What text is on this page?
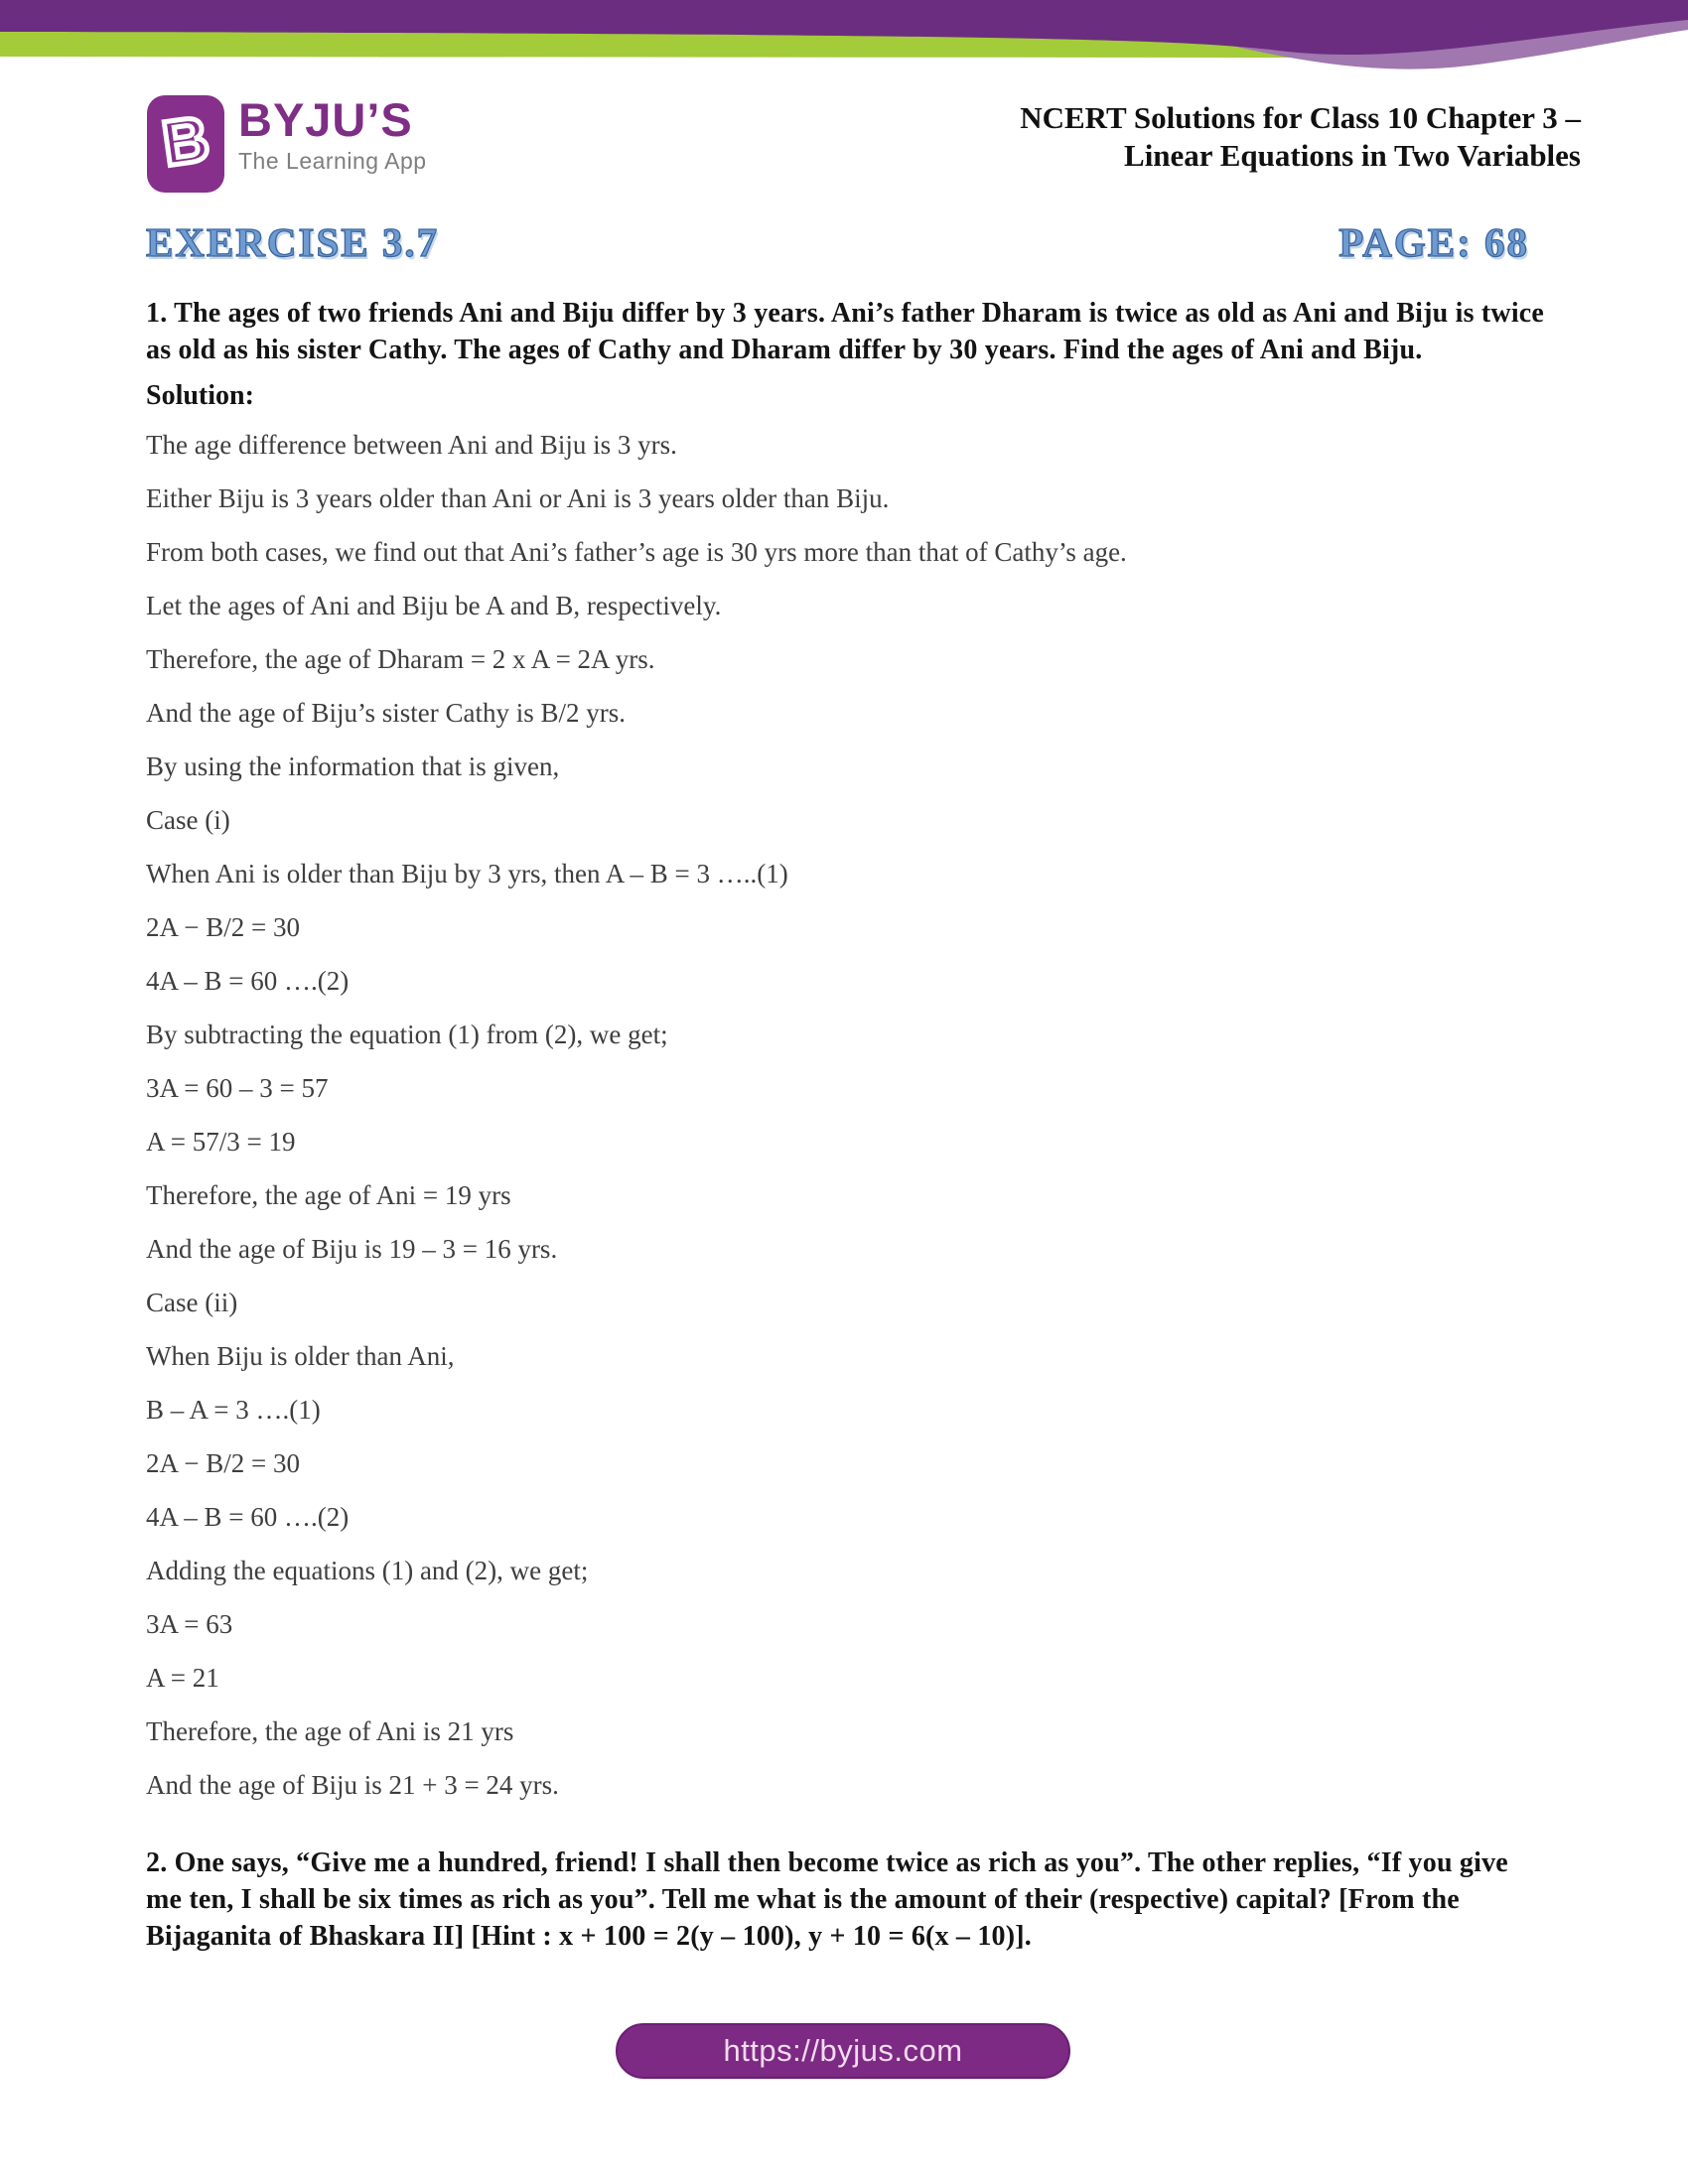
B BYJU’S
The Learning App
NCERT Solutions for Class 10 Chapter 3 –
Linear Equations in Two Variables
EXERCISE 3.7	PAGE: 68
1. The ages of two friends Ani and Biju differ by 3 years. Ani’s father Dharam is twice as old as Ani and Biju is twice as old as his sister Cathy. The ages of Cathy and Dharam differ by 30 years. Find the ages of Ani and Biju.
Solution:

The age difference between Ani and Biju is 3 yrs.

Either Biju is 3 years older than Ani or Ani is 3 years older than Biju.

From both cases, we find out that Ani’s father’s age is 30 yrs more than that of Cathy’s age.

Let the ages of Ani and Biju be A and B, respectively.

Therefore, the age of Dharam = 2 x A = 2A yrs.

And the age of Biju’s sister Cathy is B/2 yrs.

By using the information that is given,

Case (i)

When Ani is older than Biju by 3 yrs, then A – B = 3 …..(1)

2A − B/2 = 30

4A – B = 60 ….(2)

By subtracting the equation (1) from (2), we get;

3A = 60 – 3 = 57

A = 57/3 = 19

Therefore, the age of Ani = 19 yrs

And the age of Biju is 19 – 3 = 16 yrs.

Case (ii)

When Biju is older than Ani,

B – A = 3 ….(1)

2A − B/2 = 30

4A – B = 60 ….(2)

Adding the equations (1) and (2), we get;

3A = 63

A = 21

Therefore, the age of Ani is 21 yrs

And the age of Biju is 21 + 3 = 24 yrs.

2. One says, “Give me a hundred, friend! I shall then become twice as rich as you”. The other replies, “If you give me ten, I shall be six times as rich as you”. Tell me what is the amount of their (respective) capital? [From the Bijaganita of Bhaskara II] [Hint : x + 100 = 2(y – 100), y + 10 = 6(x – 10)].
https://byjus.com
